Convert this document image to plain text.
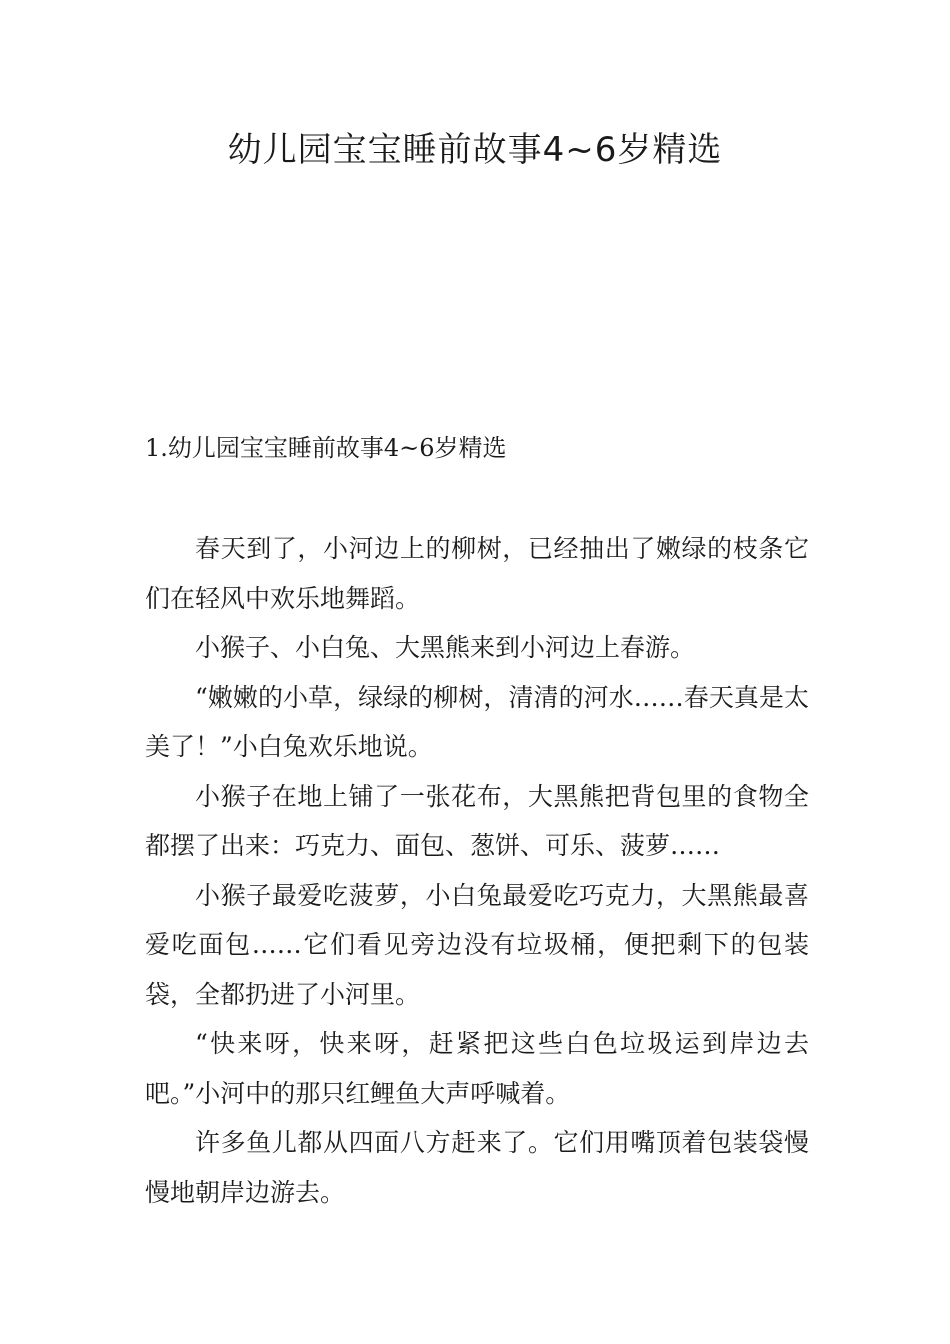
幼儿园宝宝睡前故事4~6岁精选
1.幼儿园宝宝睡前故事4~6岁精选

春天到了，小河边上的柳树，已经抽出了嫩绿的枝条它们在轻风中欢乐地舞蹈。

小猴子、小白兔、大黑熊来到小河边上春游。

“嫩嫩的小草，绿绿的柳树，清清的河水……春天真是太美了！”小白兔欢乐地说。

小猴子在地上铺了一张花布，大黑熊把背包里的食物全都摆了出来：巧克力、面包、葱饼、可乐、菠萝……

小猴子最爱吃菠萝，小白兔最爱吃巧克力，大黑熊最喜爱吃面包……它们看见旁边没有垃圾桶，便把剩下的包装袋，全都扔进了小河里。

“快来呀，快来呀，赶紧把这些白色垃圾运到岸边去吧。”小河中的那只红鲤鱼大声呼喊着。

许多鱼儿都从四面八方赶来了。它们用嘴顶着包装袋慢慢地朝岸边游去。
